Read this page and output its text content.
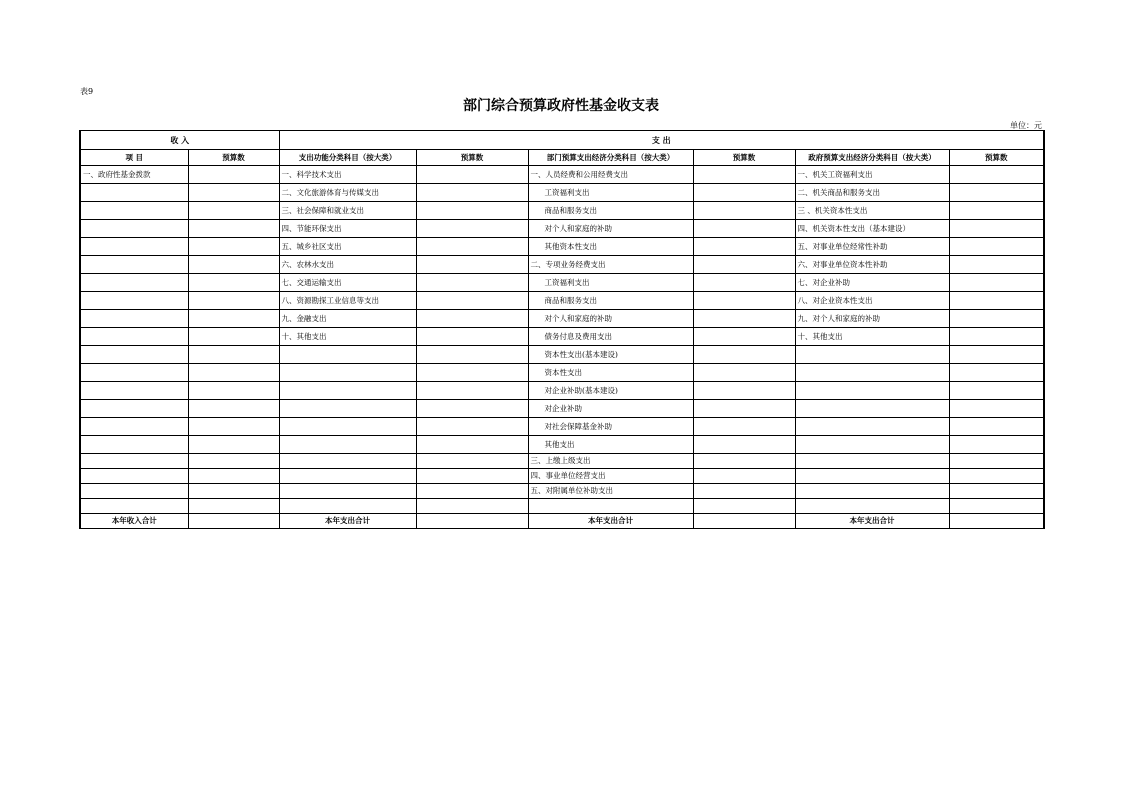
表9
部门综合预算政府性基金收支表
单位：元
收 入		支 出					
项 目	预算数	支出功能分类科目（按大类）	预算数	部门预算支出经济分类科目（按大类）	预算数	政府预算支出经济分类科目（按大类）	预算数
一、政府性基金拨款		一、科学技术支出		一、人员经费和公用经费支出		一、机关工资福利支出	
		二、文化旅游体育与传媒支出		工资福利支出		二、机关商品和服务支出	
		三、社会保障和就业支出		商品和服务支出		三 、机关资本性支出	
		四、节能环保支出		对个人和家庭的补助		四、机关资本性支出（基本建设）	
		五、城乡社区支出		其他资本性支出		五、对事业单位经常性补助	
		六、农林水支出		二、专项业务经费支出		六、对事业单位资本性补助	
		七、交通运输支出		工资福利支出		七、对企业补助	
		八、资源勘探工业信息等支出		商品和服务支出		八、对企业资本性支出	
		九、金融支出		对个人和家庭的补助		九、对个人和家庭的补助	
		十、其他支出		债务付息及费用支出		十、其他支出	
				资本性支出(基本建设)			
				资本性支出			
				对企业补助(基本建设)			
				对企业补助			
				对社会保障基金补助			
				其他支出			
				三、上缴上级支出			
				四、事业单位经营支出			
				五、对附属单位补助支出			

本年收入合计		本年支出合计		本年支出合计		本年支出合计	
